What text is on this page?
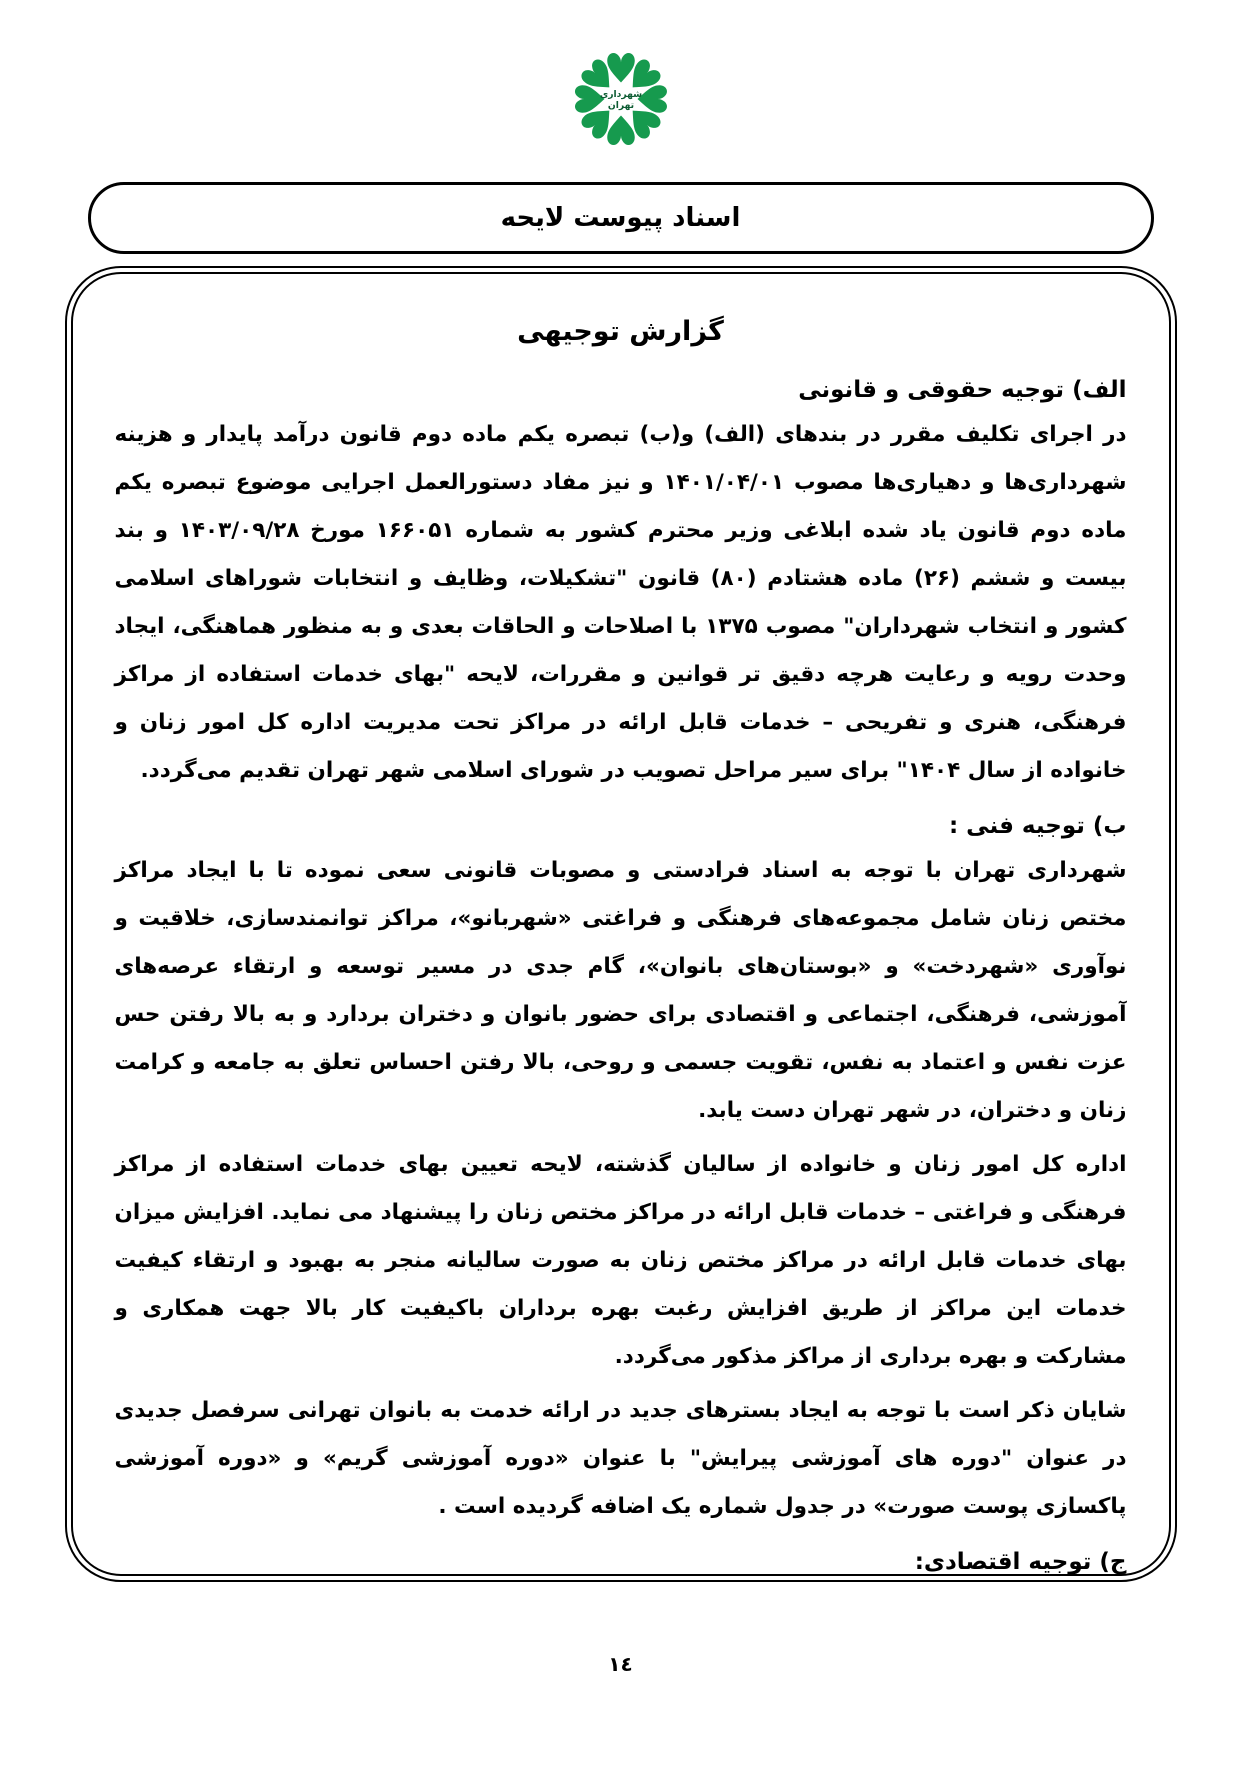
شهرداری
تهران
اسناد پیوست لایحه
گزارش توجیهی
الف) توجیه حقوقی و قانونی

در اجرای تکلیف مقرر در بندهای (الف) و(ب) تبصره یکم ماده دوم قانون درآمد پایدار و هزینه شهرداری‌ها و دهیاری‌ها مصوب ۱۴۰۱/۰۴/۰۱ و نیز مفاد دستورالعمل اجرایی موضوع تبصره یکم ماده دوم قانون یاد شده ابلاغی وزیر محترم کشور به شماره ۱۶۶۰۵۱ مورخ ۱۴۰۳/۰۹/۲۸ و بند بیست و ششم (۲۶) ماده هشتادم (۸۰) قانون "تشکیلات، وظایف و انتخابات شوراهای اسلامی کشور و انتخاب شهرداران" مصوب ۱۳۷۵ با اصلاحات و الحاقات بعدی و به منظور هماهنگی، ایجاد وحدت رویه و رعایت هرچه دقیق تر قوانین و مقررات، لایحه "بهای خدمات استفاده از مراکز فرهنگی، هنری و تفریحی – خدمات قابل ارائه در مراکز تحت مدیریت اداره کل امور زنان و خانواده از سال ۱۴۰۴" برای سیر مراحل تصویب در شورای اسلامی شهر تهران تقدیم می‌گردد.

ب) توجیه فنی :

شهرداری تهران با توجه به اسناد فرادستی و مصوبات قانونی سعی نموده تا با ایجاد مراکز مختص زنان شامل مجموعه‌های فرهنگی و فراغتی «شهربانو»، مراکز توانمندسازی، خلاقیت و نوآوری «شهردخت» و «بوستان‌های بانوان»، گام جدی در مسیر توسعه و ارتقاء عرصه‌های آموزشی، فرهنگی، اجتماعی و اقتصادی برای حضور بانوان و دختران بردارد و به بالا رفتن حس عزت نفس و اعتماد به نفس، تقویت جسمی و روحی، بالا رفتن احساس تعلق به جامعه و کرامت زنان و دختران، در شهر تهران دست یابد.

اداره کل امور زنان و خانواده از سالیان گذشته، لایحه تعیین بهای خدمات استفاده از مراکز فرهنگی و فراغتی – خدمات قابل ارائه در مراکز مختص زنان را پیشنهاد می نماید. افزایش میزان بهای خدمات قابل ارائه در مراکز مختص زنان به صورت سالیانه منجر به بهبود و ارتقاء کیفیت خدمات این مراکز از طریق افزایش رغبت بهره برداران باکیفیت کار بالا جهت همکاری و مشارکت و بهره برداری از مراکز مذکور می‌گردد.

شایان ذکر است با توجه به ایجاد بسترهای جدید در ارائه خدمت به بانوان تهرانی سرفصل جدیدی در عنوان "دوره های آموزشی پیرایش" با عنوان «دوره آموزشی گریم» و «دوره آموزشی پاکسازی پوست صورت» در جدول شماره یک اضافه گردیده است .

ج) توجیه اقتصادی:

١٤
